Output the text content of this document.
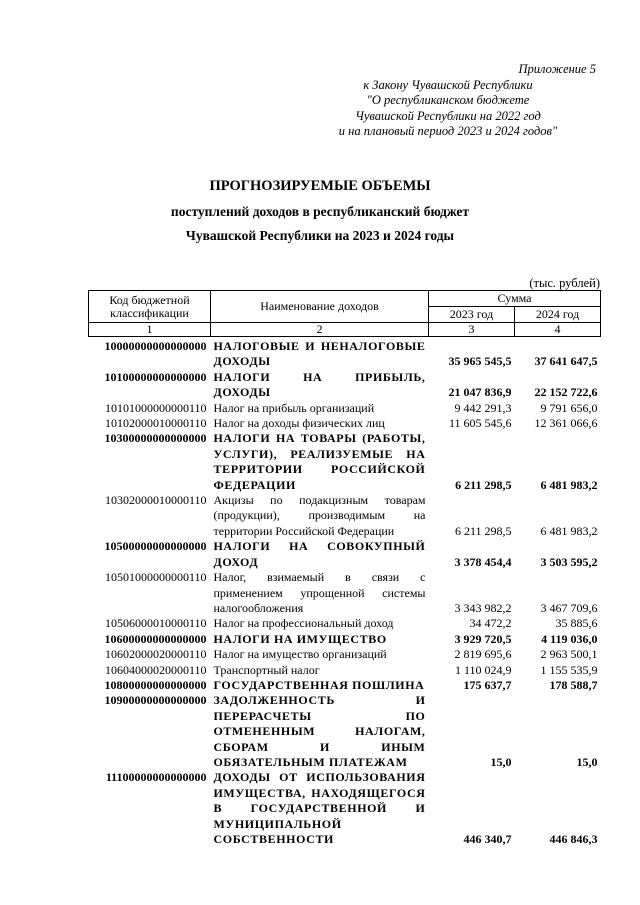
Приложение 5
к Закону Чувашской Республики
"О республиканском бюджете
Чувашской Республики на 2022 год
и на плановый период 2023 и 2024 годов"
ПРОГНОЗИРУЕМЫЕ ОБЪЕМЫ
поступлений доходов в республиканский бюджет
Чувашской Республики на 2023 и 2024 годы
(тыс. рублей)
Код бюджетной классификации	Наименование доходов	Сумма	
		2023 год	2024 год
1	2	3	4
10000000000000000	НАЛОГОВЫЕ И НЕНАЛОГОВЫЕ ДОХОДЫ	35 965 545,5	37 641 647,5
10100000000000000	НАЛОГИ НА ПРИБЫЛЬ, ДОХОДЫ	21 047 836,9	22 152 722,6
10101000000000110	Налог на прибыль организаций	9 442 291,3	9 791 656,0
10102000010000110	Налог на доходы физических лиц	11 605 545,6	12 361 066,6
10300000000000000	НАЛОГИ НА ТОВАРЫ (РАБОТЫ, УСЛУГИ), РЕАЛИЗУЕМЫЕ НА ТЕРРИТОРИИ РОССИЙСКОЙ ФЕДЕРАЦИИ	6 211 298,5	6 481 983,2
10302000010000110	Акцизы по подакцизным товарам (продукции), производимым на территории Российской Федерации	6 211 298,5	6 481 983,2
10500000000000000	НАЛОГИ НА СОВОКУПНЫЙ ДОХОД	3 378 454,4	3 503 595,2
10501000000000110	Налог, взимаемый в связи с применением упрощенной системы налогообложения	3 343 982,2	3 467 709,6
10506000010000110	Налог на профессиональный доход	34 472,2	35 885,6
10600000000000000	НАЛОГИ НА ИМУЩЕСТВО	3 929 720,5	4 119 036,0
10602000020000110	Налог на имущество организаций	2 819 695,6	2 963 500,1
10604000020000110	Транспортный налог	1 110 024,9	1 155 535,9
10800000000000000	ГОСУДАРСТВЕННАЯ ПОШЛИНА	175 637,7	178 588,7
10900000000000000	ЗАДОЛЖЕННОСТЬ И ПЕРЕРАСЧЕТЫ ПО ОТМЕНЕННЫМ НАЛОГАМ, СБОРАМ И ИНЫМ ОБЯЗАТЕЛЬНЫМ ПЛАТЕЖАМ	15,0	15,0
11100000000000000	ДОХОДЫ ОТ ИСПОЛЬЗОВАНИЯ ИМУЩЕСТВА, НАХОДЯЩЕГОСЯ В ГОСУДАРСТВЕННОЙ И МУНИЦИПАЛЬНОЙ СОБСТВЕННОСТИ	446 340,7	446 846,3
